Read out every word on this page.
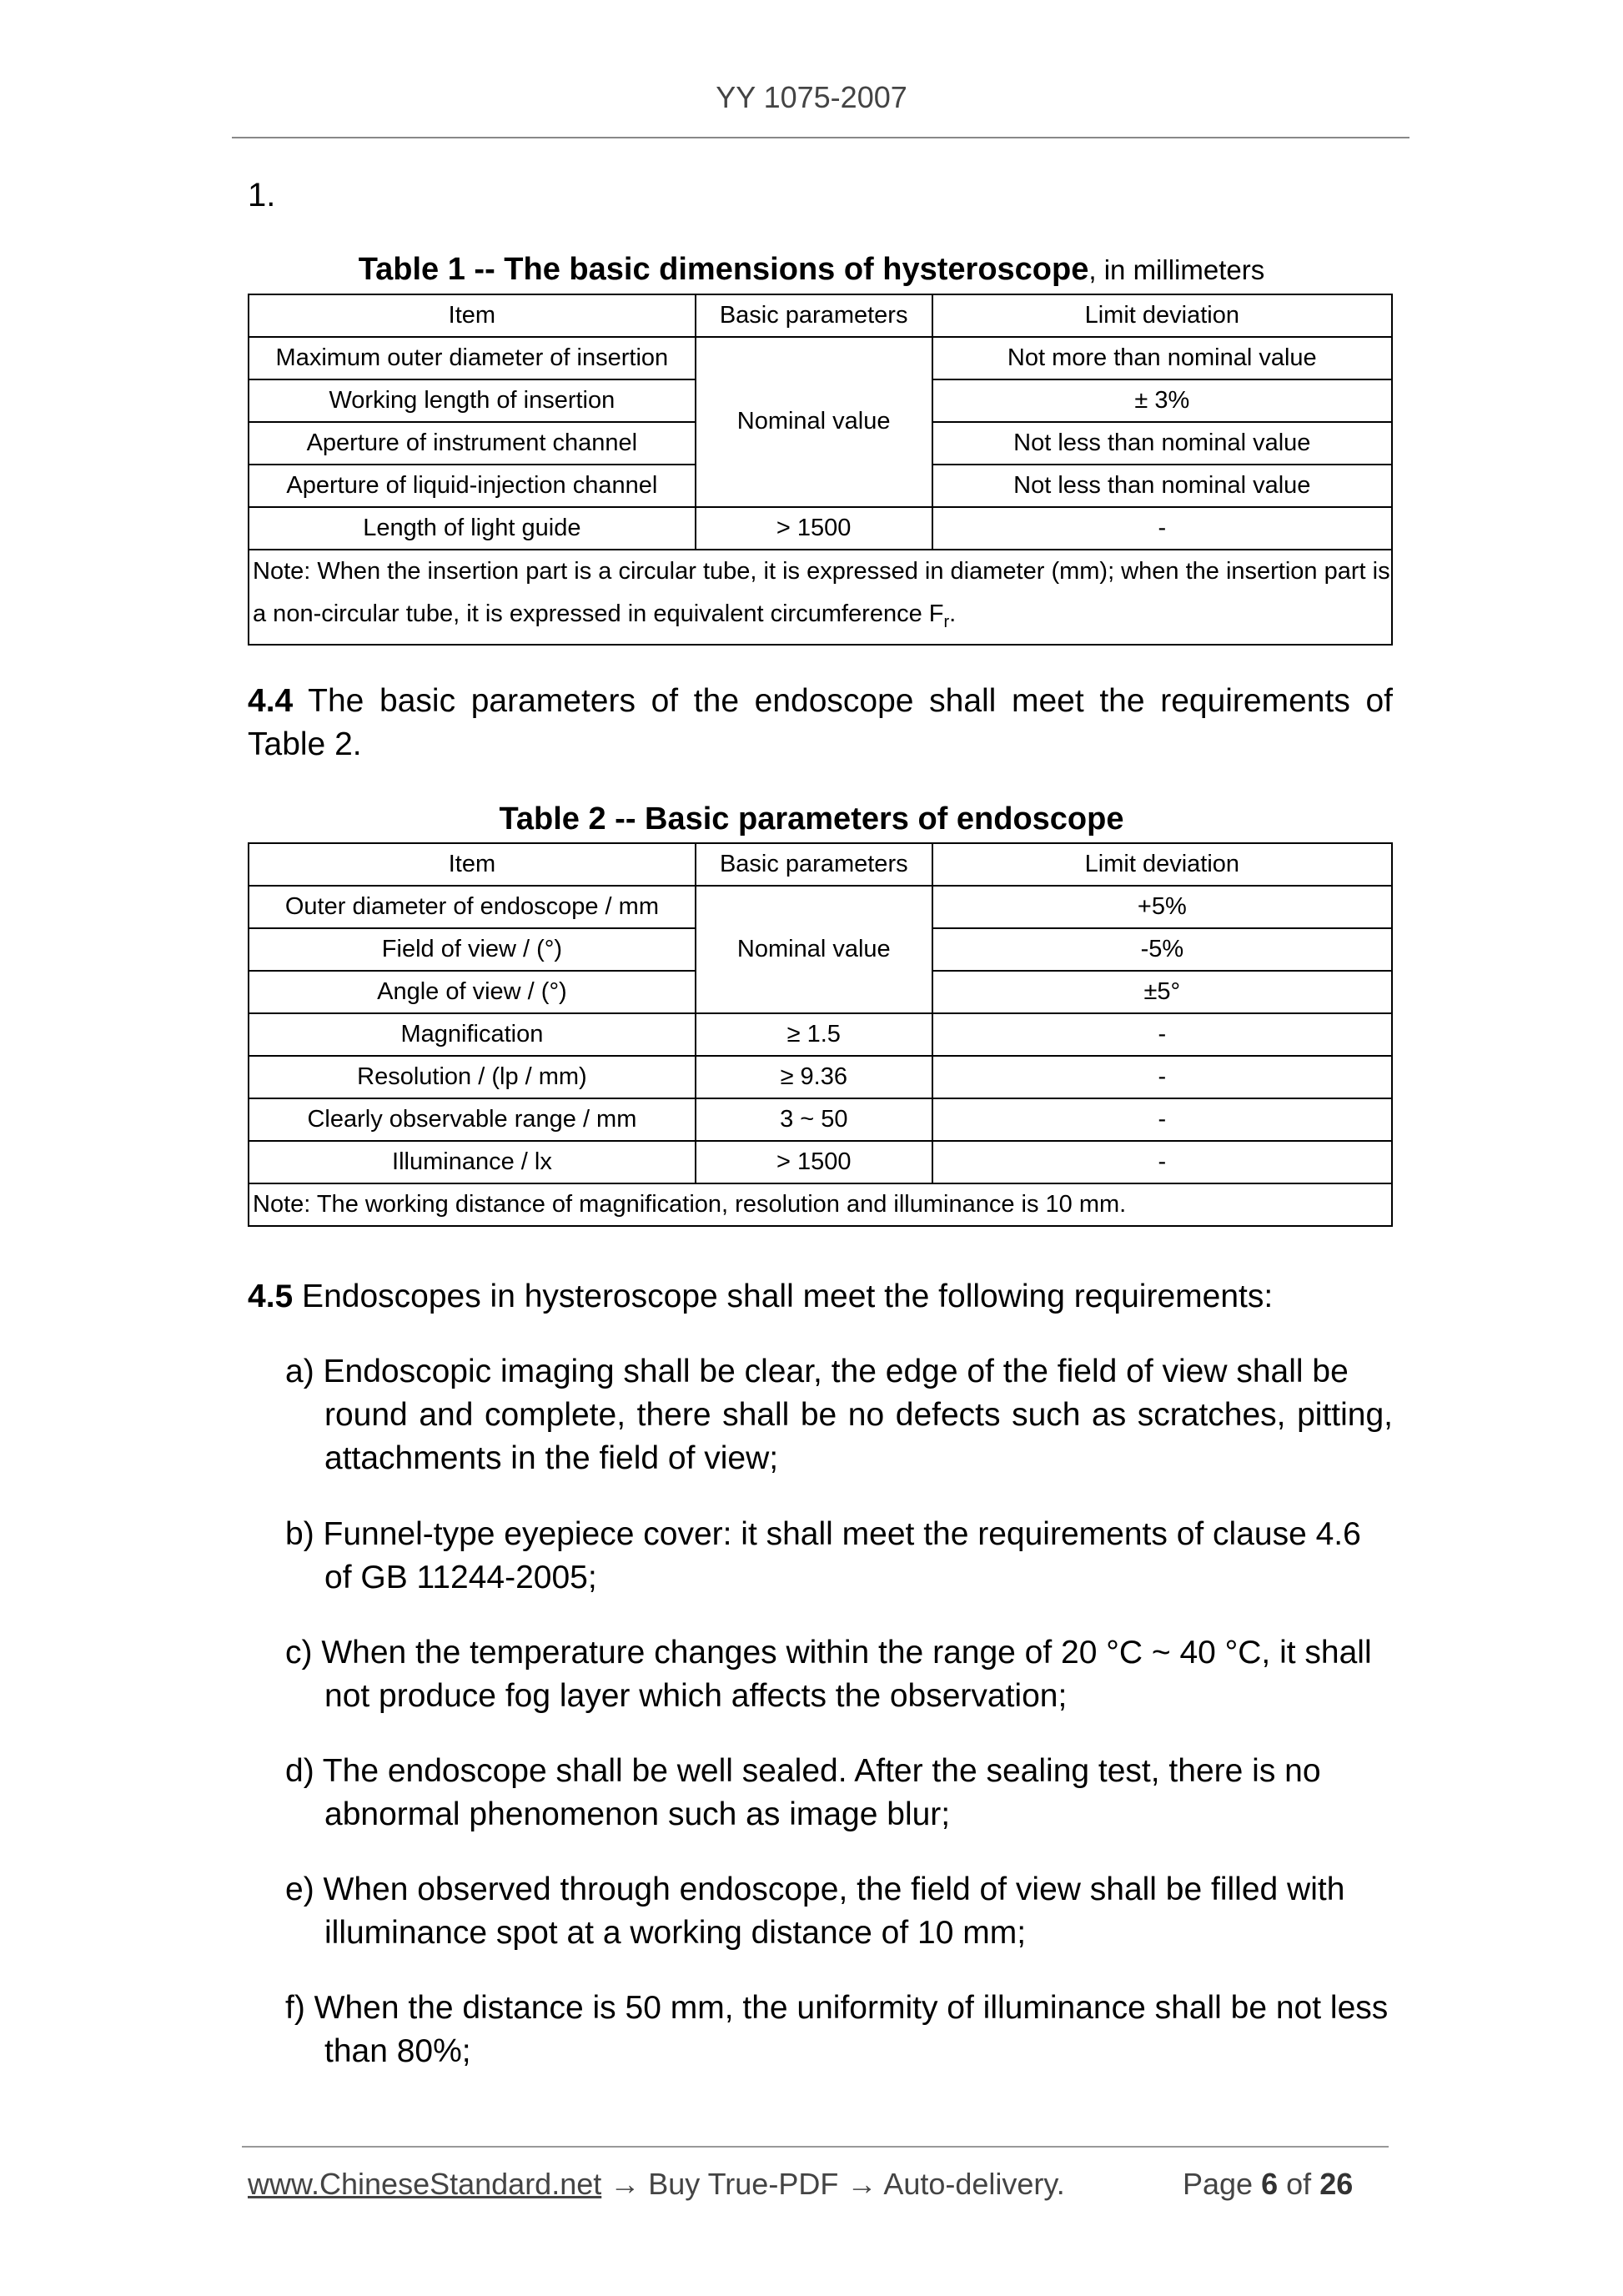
YY 1075-2007
1.
Table 1 -- The basic dimensions of hysteroscope, in millimeters
Item	Basic parameters	Limit deviation
Maximum outer diameter of insertion	Nominal value	Not more than nominal value
Working length of insertion		± 3%
Aperture of instrument channel		Not less than nominal value
Aperture of liquid-injection channel		Not less than nominal value
Length of light guide	> 1500	-
Note: When the insertion part is a circular tube, it is expressed in diameter (mm); when the insertion part is a non-circular tube, it is expressed in equivalent circumference $F_r$.		
4.4 The basic parameters of the endoscope shall meet the requirements of Table 2.
Table 2 -- Basic parameters of endoscope
Item	Basic parameters	Limit deviation
Outer diameter of endoscope / mm	Nominal value	+5%
Field of view / (°)		-5%
Angle of view / (°)		±5°
Magnification	≥ 1.5	-
Resolution / (lp / mm)	≥ 9.36	-
Clearly observable range / mm	3 ~ 50	-
Illuminance / lx	> 1500	-
Note: The working distance of magnification, resolution and illuminance is 10 mm.		
4.5 Endoscopes in hysteroscope shall meet the following requirements:
a) Endoscopic imaging shall be clear, the edge of the field of view shall be
round and complete, there shall be no defects such as scratches, pitting, attachments in the field of view;
b) Funnel-type eyepiece cover: it shall meet the requirements of clause 4.6
of GB 11244-2005;
c) When the temperature changes within the range of 20 °C ~ 40 °C, it shall
not produce fog layer which affects the observation;
d) The endoscope shall be well sealed. After the sealing test, there is no
abnormal phenomenon such as image blur;
e) When observed through endoscope, the field of view shall be filled with
illuminance spot at a working distance of 10 mm;
f) When the distance is 50 mm, the uniformity of illuminance shall be not less
than 80%;
www.ChineseStandard.net → Buy True-PDF → Auto-delivery.	Page 6 of 26
